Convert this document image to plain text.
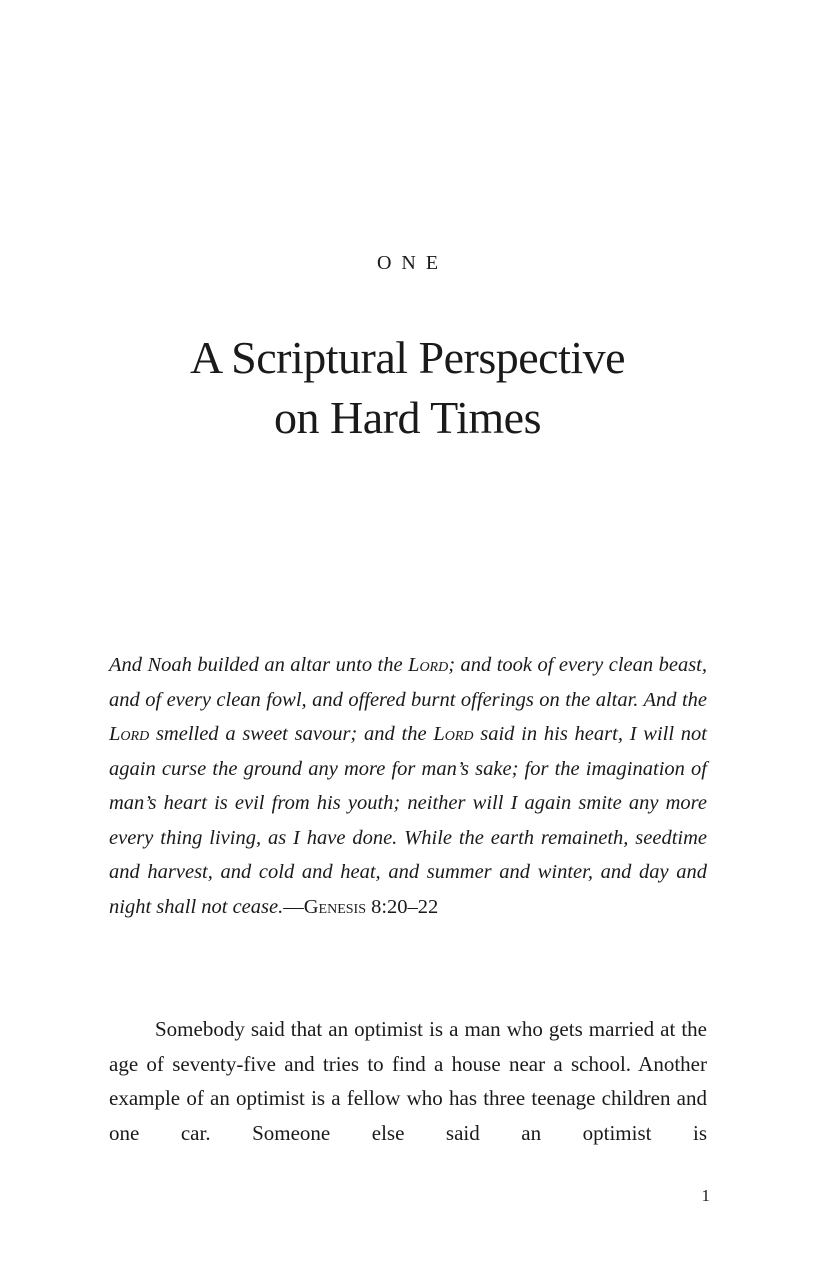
ONE
A Scriptural Perspective
on Hard Times

And Noah builded an altar unto the Lord; and took of every clean beast, and of every clean fowl, and offered burnt offerings on the altar. And the Lord smelled a sweet savour; and the Lord said in his heart, I will not again curse the ground any more for man’s sake; for the imagination of man’s heart is evil from his youth; neither will I again smite any more every thing living, as I have done. While the earth remaineth, seedtime and harvest, and cold and heat, and summer and winter, and day and night shall not cease.—Genesis 8:20–22

Somebody said that an optimist is a man who gets married at the age of seventy-five and tries to find a house near a school. Another example of an optimist is a fellow who has three teenage children and one car. Someone else said an optimist is

1
